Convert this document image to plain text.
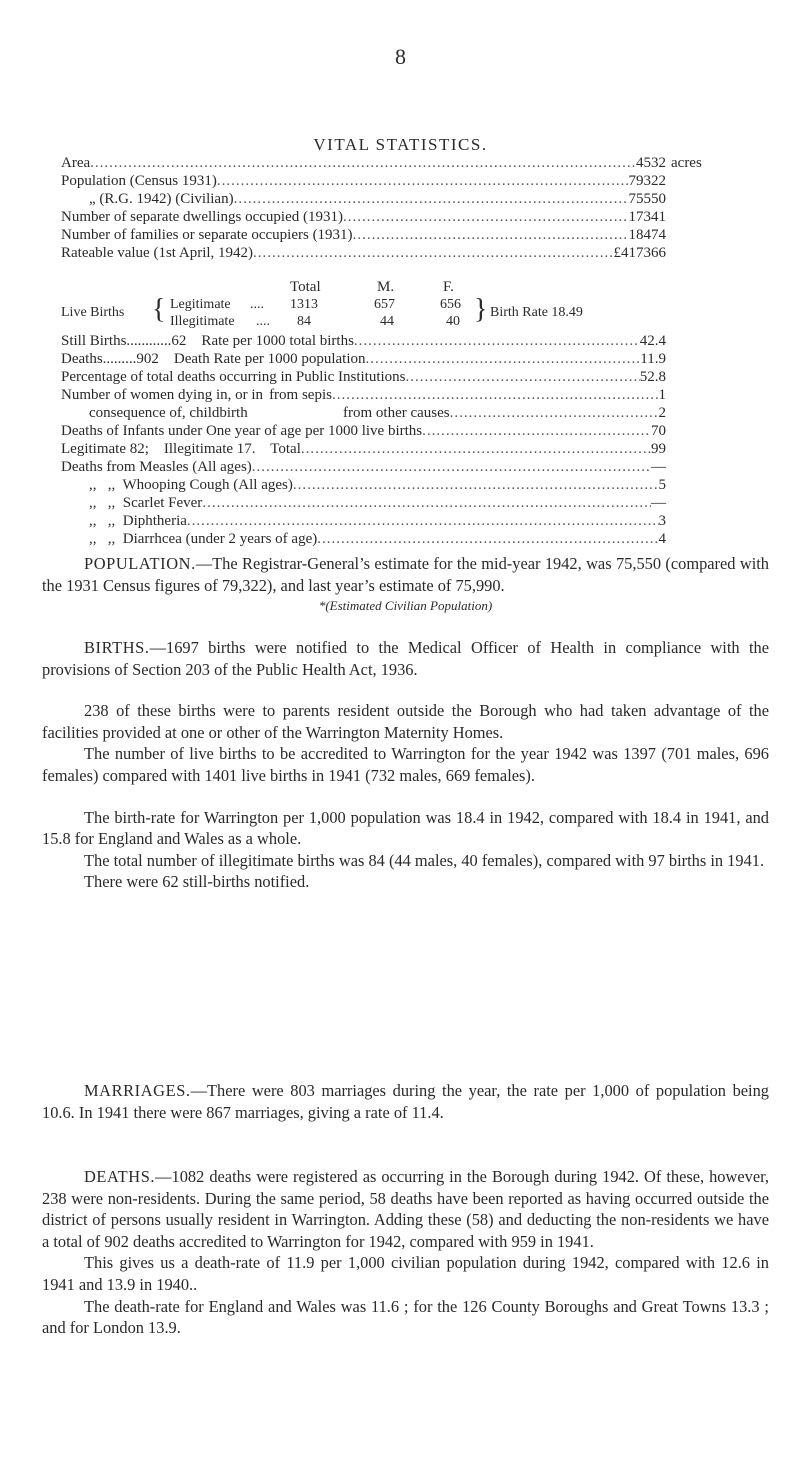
8
VITAL STATISTICS.
Area .....	4532 acres
Population (Census 1931) .....	79322
„ (R.G. 1942) (Civilian) .....	75550
Number of separate dwellings occupied (1931) .....	17341
Number of families or separate occupiers (1931) .....	18474
Rateable value (1st April, 1942) .....	£417366
Total	M.	F.
Live Births { Legitimate .... 1313	657	656
Illegitimate .... 84	44	40 } Birth Rate 18.49
Still Births............62    Rate per 1000 total births .....	42.4
Deaths.........902    Death Rate per 1000 population .....	11.9
Percentage of total deaths occurring in Public Institutions .....	52.8
Number of women dying in, or in from sepis .....	1
consequence of, childbirth	from other causes .....	2
Deaths of Infants under One year of age per 1000 live births .....	70
Legitimate 82;    Illegitimate 17.    Total .....	99
Deaths from Measles (All ages) .....	—
,,   ,,  Whooping Cough (All ages) .....	5
,,   ,,  Scarlet Fever .....	—
,,   ,,  Diphtheria .....	3
,,   ,,  Diarrhcea (under 2 years of age) .....	4

POPULATION.—The Registrar-General’s estimate for the mid-year 1942, was 75,550 (compared with the 1931 Census figures of 79,322), and last year’s estimate of 75,990.

*(Estimated Civilian Population)

BIRTHS.—1697 births were notified to the Medical Officer of Health in compliance with the provisions of Section 203 of the Public Health Act, 1936.

238 of these births were to parents resident outside the Borough who had taken advantage of the facilities provided at one or other of the Warrington Maternity Homes.

The number of live births to be accredited to Warrington for the year 1942 was 1397 (701 males, 696 females) compared with 1401 live births in 1941 (732 males, 669 females).

The birth-rate for Warrington per 1,000 population was 18.4 in 1942, compared with 18.4 in 1941, and 15.8 for England and Wales as a whole.

The total number of illegitimate births was 84 (44 males, 40 females), compared with 97 births in 1941.

There were 62 still-births notified.

MARRIAGES.—There were 803 marriages during the year, the rate per 1,000 of population being 10.6. In 1941 there were 867 marriages, giving a rate of 11.4.

DEATHS.—1082 deaths were registered as occurring in the Borough during 1942. Of these, however, 238 were non-residents. During the same period, 58 deaths have been reported as having occurred outside the district of persons usually resident in Warrington. Adding these (58) and deducting the non-residents we have a total of 902 deaths accredited to Warrington for 1942, compared with 959 in 1941.

This gives us a death-rate of 11.9 per 1,000 civilian population during 1942, compared with 12.6 in 1941 and 13.9 in 1940..

The death-rate for England and Wales was 11.6 ; for the 126 County Boroughs and Great Towns 13.3 ; and for London 13.9.
